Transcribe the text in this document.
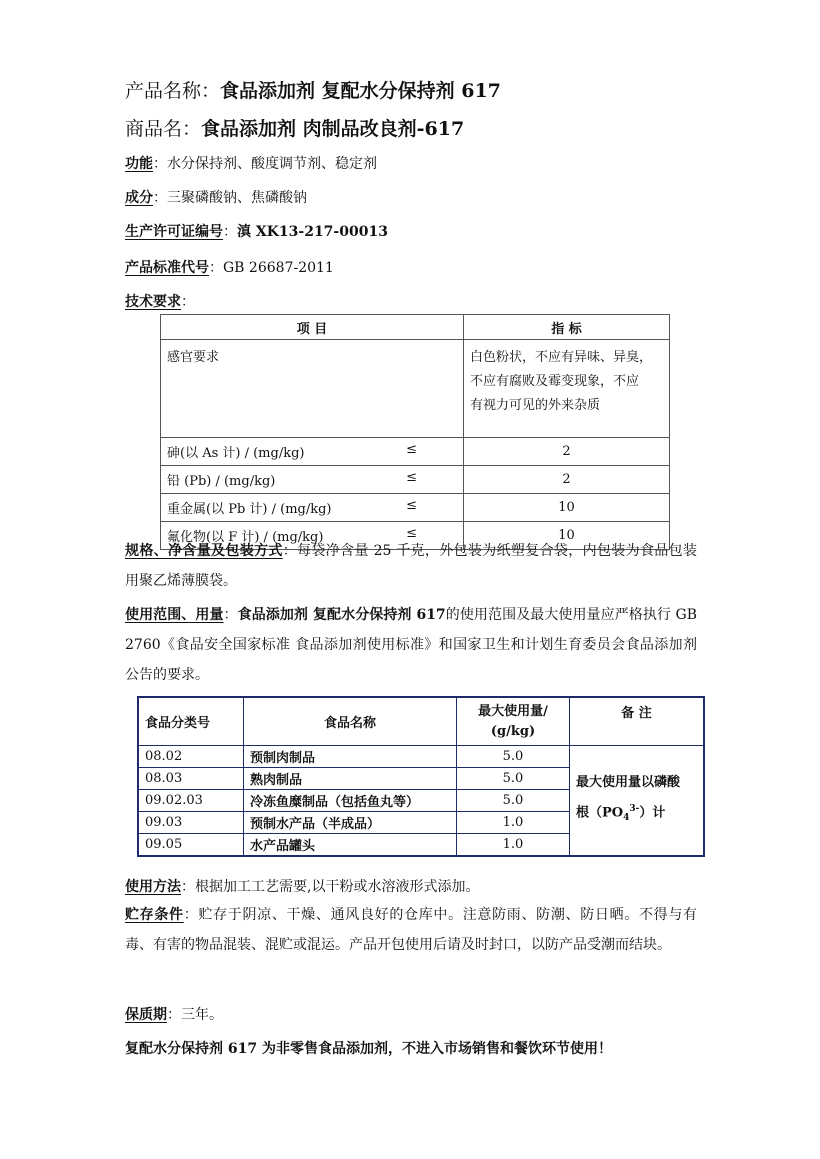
产品名称：食品添加剂 复配水分保持剂 617
商品名：食品添加剂 肉制品改良剂-617
功能：水分保持剂、酸度调节剂、稳定剂
成分：三聚磷酸钠、焦磷酸钠
生产许可证编号：滇 XK13-217-00013
产品标准代号：GB 26687-2011
技术要求：
项 目	指 标
感官要求	白色粉状，不应有异味、异臭，
不应有腐败及霉变现象，不应
有视力可见的外来杂质

砷(以 As 计) / (mg/kg) ≤	2

铅 (Pb) / (mg/kg) ≤	2

重金属(以 Pb 计) / (mg/kg) ≤	10

氟化物(以 F 计) / (mg/kg) ≤	10
规格、净含量及包装方式：每袋净含量 25 千克，外包装为纸塑复合袋，内包装为食品包装用聚乙烯薄膜袋。
使用范围、用量：食品添加剂 复配水分保持剂 617的使用范围及最大使用量应严格执行 GB 2760《食品安全国家标准 食品添加剂使用标准》和国家卫生和计划生育委员会食品添加剂公告的要求。
食品分类号	食品名称	最大使用量/
(g/kg)	备 注
08.02	预制肉制品	5.0	最大使用量以磷酸
根$(PO_4^{3-})$计

08.03	熟肉制品	5.0	
09.02.03	冷冻鱼糜制品（包括鱼丸等）	5.0	
09.03	预制水产品（半成品）	1.0	
09.05	水产品罐头	1.0	
使用方法：根据加工工艺需要,以干粉或水溶液形式添加。
贮存条件：贮存于阴凉、干燥、通风良好的仓库中。注意防雨、防潮、防日晒。不得与有毒、有害的物品混装、混贮或混运。产品开包使用后请及时封口，以防产品受潮而结块。
保质期：三年。
复配水分保持剂 617 为非零售食品添加剂，不进入市场销售和餐饮环节使用！
